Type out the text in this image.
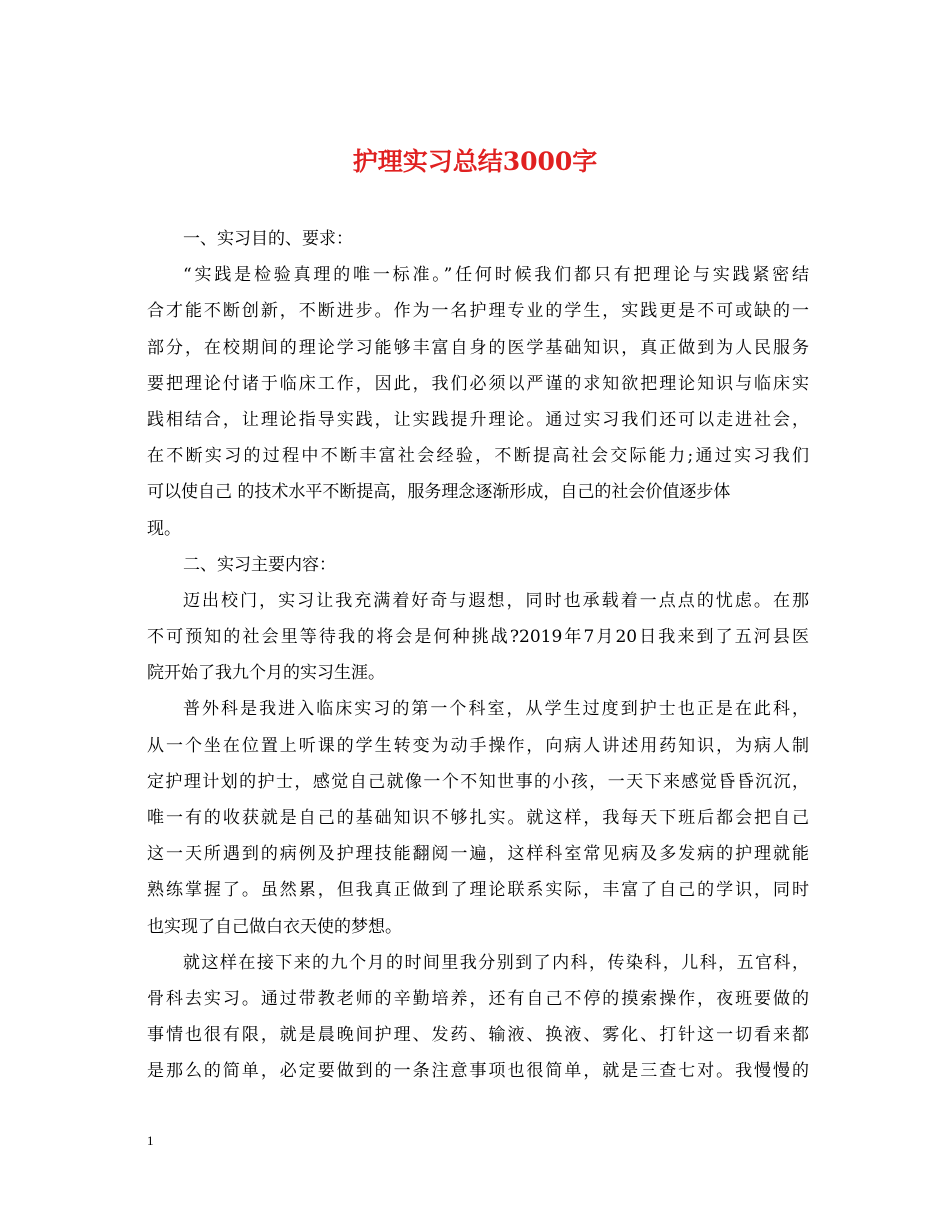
护理实习总结3000字
一、实习目的、要求：
“实践是检验真理的唯一标准。”任何时候我们都只有把理论与实践紧密结
合才能不断创新，不断进步。作为一名护理专业的学生，实践更是不可或缺的一
部分，在校期间的理论学习能够丰富自身的医学基础知识，真正做到为人民服务
要把理论付诸于临床工作，因此，我们必须以严谨的求知欲把理论知识与临床实
践相结合，让理论指导实践，让实践提升理论。通过实习我们还可以走进社会，
在不断实习的过程中不断丰富社会经验，不断提高社会交际能力;通过实习我们
可以使自己 的技术水平不断提高，服务理念逐渐形成，自己的社会价值逐步体
现。
二、实习主要内容：
迈出校门，实习让我充满着好奇与遐想，同时也承载着一点点的忧虑。在那
不可预知的社会里等待我的将会是何种挑战?2019年7月20日我来到了五河县医
院开始了我九个月的实习生涯。
普外科是我进入临床实习的第一个科室，从学生过度到护士也正是在此科，
从一个坐在位置上听课的学生转变为动手操作，向病人讲述用药知识，为病人制
定护理计划的护士，感觉自己就像一个不知世事的小孩，一天下来感觉昏昏沉沉，
唯一有的收获就是自己的基础知识不够扎实。就这样，我每天下班后都会把自己
这一天所遇到的病例及护理技能翻阅一遍，这样科室常见病及多发病的护理就能
熟练掌握了。虽然累，但我真正做到了理论联系实际，丰富了自己的学识，同时
也实现了自己做白衣天使的梦想。
就这样在接下来的九个月的时间里我分别到了内科，传染科，儿科，五官科，
骨科去实习。通过带教老师的辛勤培养，还有自己不停的摸索操作，夜班要做的
事情也很有限，就是晨晚间护理、发药、输液、换液、雾化、打针这一切看来都
是那么的简单，必定要做到的一条注意事项也很简单，就是三查七对。我慢慢的
1
